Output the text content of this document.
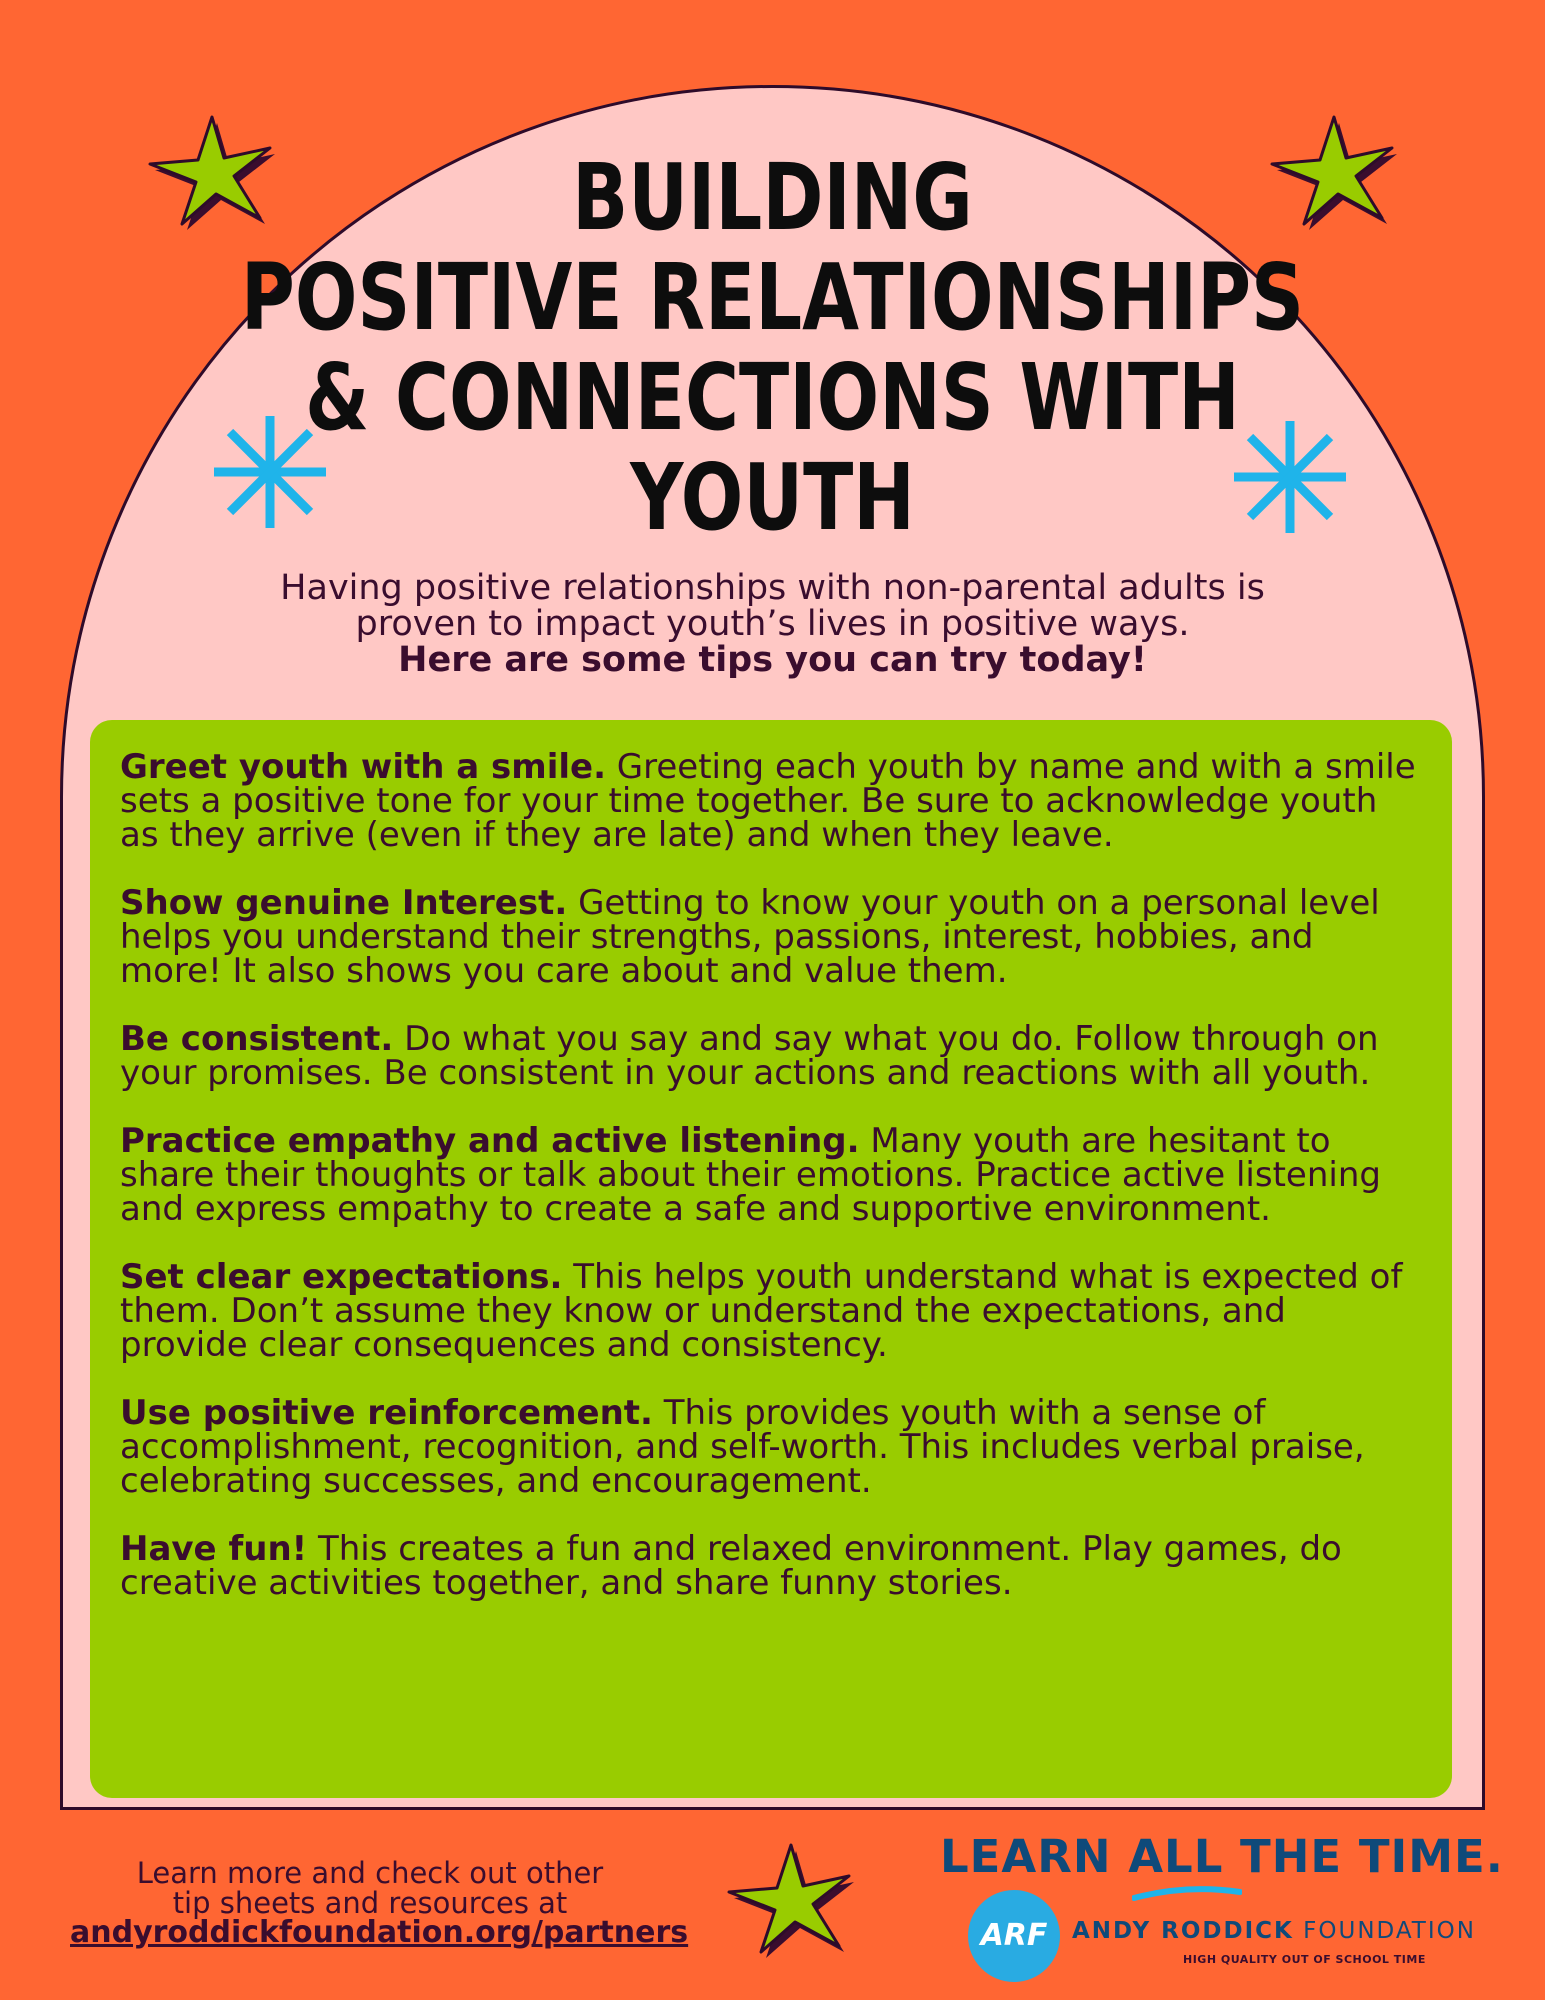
BUILDING
POSITIVE RELATIONSHIPS
& CONNECTIONS WITH
YOUTH
Having positive relationships with non-parental adults is
proven to impact youth’s lives in positive ways.
Here are some tips you can try today!

Greet youth with a smile. Greeting each youth by name and with a smile sets a positive tone for your time together. Be sure to acknowledge youth as they arrive (even if they are late) and when they leave.

Show genuine Interest. Getting to know your youth on a personal level helps you understand their strengths, passions, interest, hobbies, and more! It also shows you care about and value them.

Be consistent. Do what you say and say what you do. Follow through on your promises. Be consistent in your actions and reactions with all youth.

Practice empathy and active listening. Many youth are hesitant to share their thoughts or talk about their emotions. Practice active listening and express empathy to create a safe and supportive environment.

Set clear expectations. This helps youth understand what is expected of them. Don’t assume they know or understand the expectations, and provide clear consequences and consistency.

Use positive reinforcement. This provides youth with a sense of accomplishment, recognition, and self-worth. This includes verbal praise, celebrating successes, and encouragement.

Have fun! This creates a fun and relaxed environment. Play games, do creative activities together, and share funny stories.

Learn more and check out other
tip sheets and resources at
andyroddickfoundation.org/partners
LEARN ALL THE TIME.
ARF	ANDY RODDICK FOUNDATION
HIGH QUALITY OUT OF SCHOOL TIME
